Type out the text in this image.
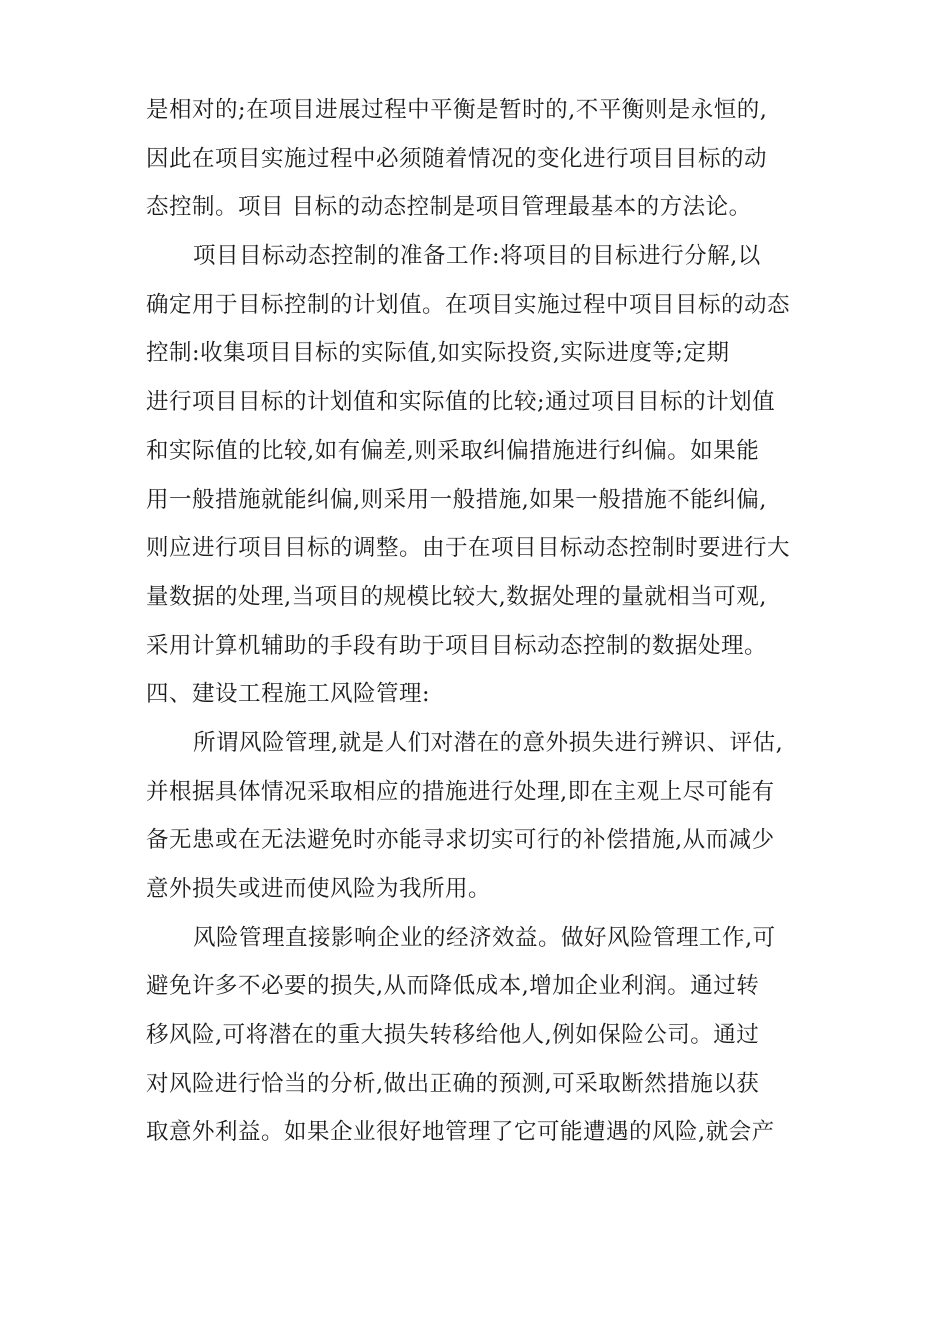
是相对的;在项目进展过程中平衡是暂时的,不平衡则是永恒的,
因此在项目实施过程中必须随着情况的变化进行项目目标的动
态控制。项目 目标的动态控制是项目管理最基本的方法论。
项目目标动态控制的准备工作:将项目的目标进行分解,以
确定用于目标控制的计划值。在项目实施过程中项目目标的动态
控制:收集项目目标的实际值,如实际投资,实际进度等;定期
进行项目目标的计划值和实际值的比较;通过项目目标的计划值
和实际值的比较,如有偏差,则采取纠偏措施进行纠偏。如果能
用一般措施就能纠偏,则采用一般措施,如果一般措施不能纠偏,
则应进行项目目标的调整。由于在项目目标动态控制时要进行大
量数据的处理,当项目的规模比较大,数据处理的量就相当可观,
采用计算机辅助的手段有助于项目目标动态控制的数据处理。
四、建设工程施工风险管理:
所谓风险管理,就是人们对潜在的意外损失进行辨识、评估,
并根据具体情况采取相应的措施进行处理,即在主观上尽可能有
备无患或在无法避免时亦能寻求切实可行的补偿措施,从而减少
意外损失或进而使风险为我所用。
风险管理直接影响企业的经济效益。做好风险管理工作,可
避免许多不必要的损失,从而降低成本,增加企业利润。通过转
移风险,可将潜在的重大损失转移给他人,例如保险公司。通过
对风险进行恰当的分析,做出正确的预测,可采取断然措施以获
取意外利益。如果企业很好地管理了它可能遭遇的风险,就会产
